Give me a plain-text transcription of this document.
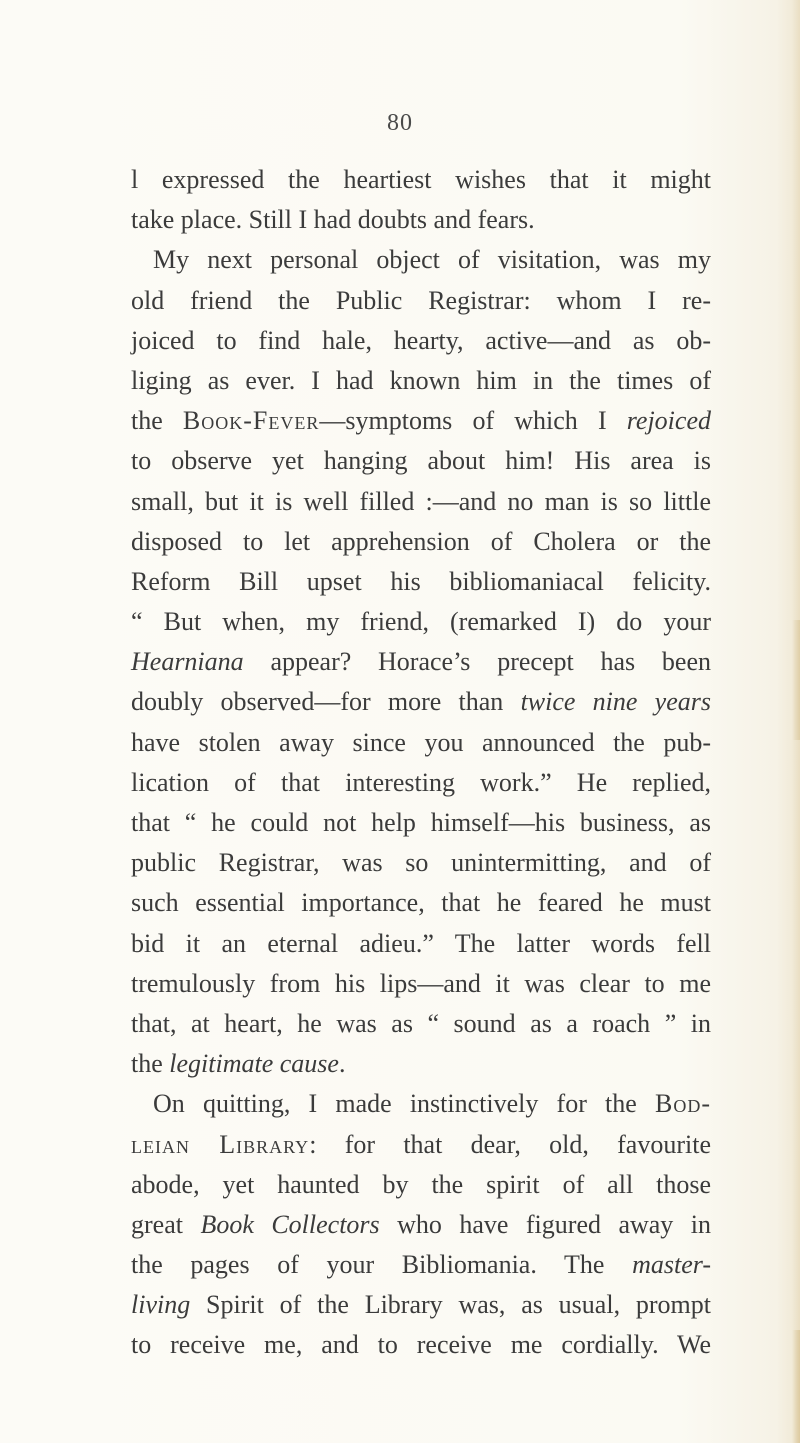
80
l expressed the heartiest wishes that it might
take place. Still I had doubts and fears.
My next personal object of visitation, was my
old friend the Public Registrar: whom I re-
joiced to find hale, hearty, active—and as ob-
liging as ever. I had known him in the times of
the Book-Fever—symptoms of which I rejoiced
to observe yet hanging about him! His area is
small, but it is well filled :—and no man is so little
disposed to let apprehension of Cholera or the
Reform Bill upset his bibliomaniacal felicity.
“ But when, my friend, (remarked I) do your
Hearniana appear? Horace’s precept has been
doubly observed—for more than twice nine years
have stolen away since you announced the pub-
lication of that interesting work.” He replied,
that “ he could not help himself—his business, as
public Registrar, was so unintermitting, and of
such essential importance, that he feared he must
bid it an eternal adieu.” The latter words fell
tremulously from his lips—and it was clear to me
that, at heart, he was as “ sound as a roach ” in
the legitimate cause.
On quitting, I made instinctively for the Bod-
leian Library: for that dear, old, favourite
abode, yet haunted by the spirit of all those
great Book Collectors who have figured away in
the pages of your Bibliomania. The master-
living Spirit of the Library was, as usual, prompt
to receive me, and to receive me cordially. We
